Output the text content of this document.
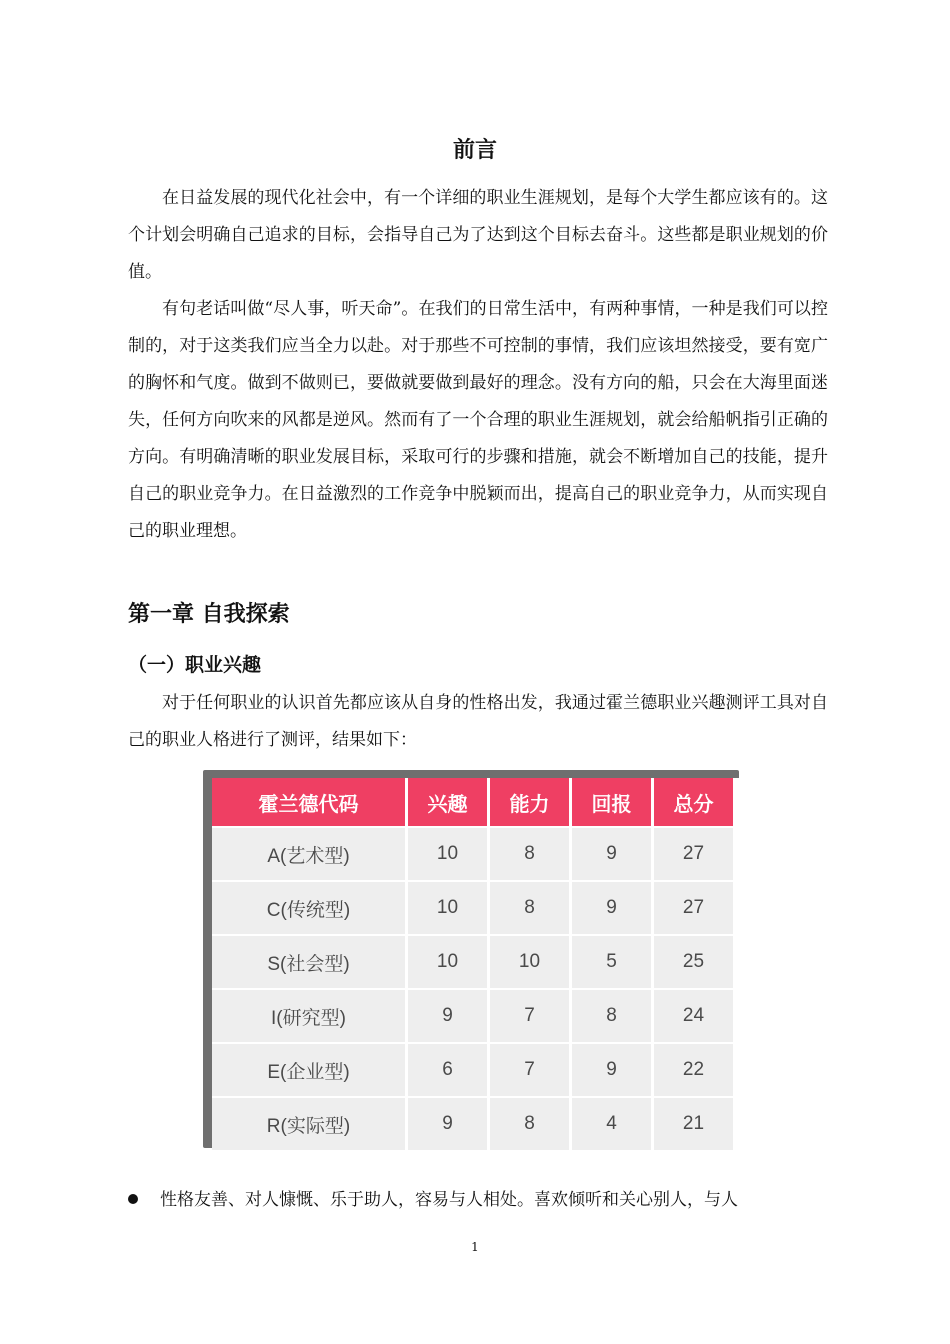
前言

在日益发展的现代化社会中，有一个详细的职业生涯规划，是每个大学生都应该有的。这个计划会明确自己追求的目标，会指导自己为了达到这个目标去奋斗。这些都是职业规划的价值。

有句老话叫做“尽人事，听天命”。在我们的日常生活中，有两种事情，一种是我们可以控制的，对于这类我们应当全力以赴。对于那些不可控制的事情，我们应该坦然接受，要有宽广的胸怀和气度。做到不做则已，要做就要做到最好的理念。没有方向的船，只会在大海里面迷失，任何方向吹来的风都是逆风。然而有了一个合理的职业生涯规划，就会给船帆指引正确的方向。有明确清晰的职业发展目标，采取可行的步骤和措施，就会不断增加自己的技能，提升自己的职业竞争力。在日益激烈的工作竞争中脱颖而出，提高自己的职业竞争力，从而实现自己的职业理想。

第一章 自我探索
（一）职业兴趣

对于任何职业的认识首先都应该从自身的性格出发，我通过霍兰德职业兴趣测评工具对自己的职业人格进行了测评，结果如下：

霍兰德代码	兴趣	能力	回报	总分
A(艺术型)	10	8	9	27
C(传统型)	10	8	9	27
S(社会型)	10	10	5	25
I(研究型)	9	7	8	24
E(企业型)	6	7	9	22
R(实际型)	9	8	4	21
性格友善、对人慷慨、乐于助人，容易与人相处。喜欢倾听和关心别人，与人
1
